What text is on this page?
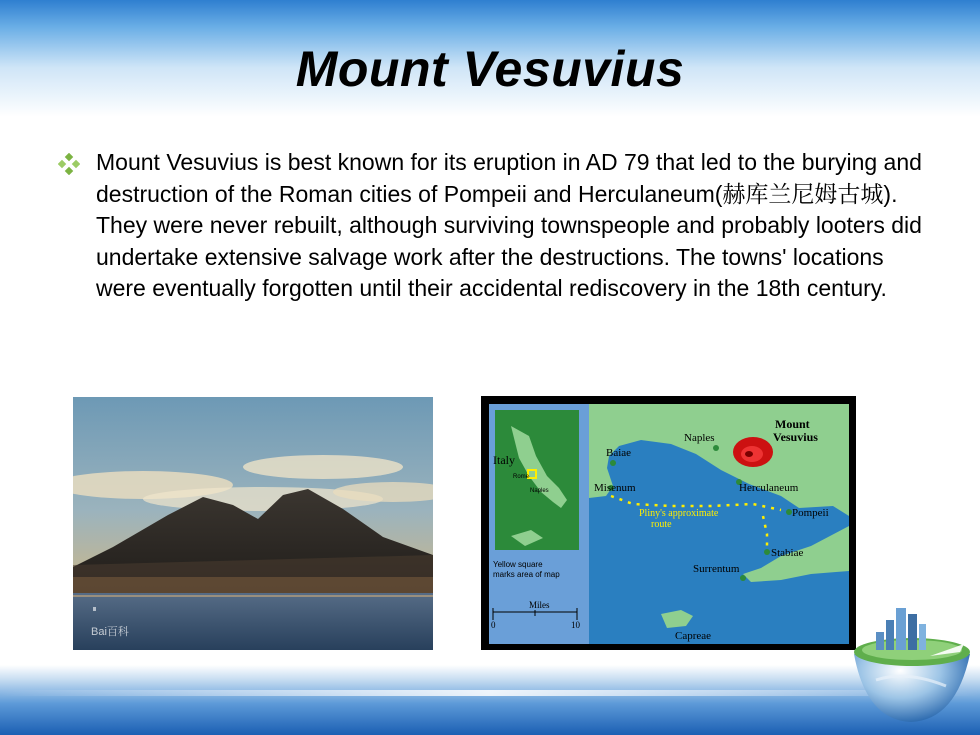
Mount Vesuvius
Mount Vesuvius is best known for its eruption in AD 79 that led to the burying and destruction of the Roman cities of Pompeii and Herculaneum(赫库兰尼姆古城). They were never rebuilt, although surviving townspeople and probably looters did undertake extensive salvage work after the destructions. The towns' locations were eventually forgotten until their accidental rediscovery in the 18th century.
Bai百科
Italy
Rome
Naples
Yellow square
marks area of map
Miles
0	10
Mount
Vesuvius
Pliny's approximate
route
Naples
Baiae
Misenum	Herculaneum
Pompeii
Stabiae
Surrentum
Capreae
